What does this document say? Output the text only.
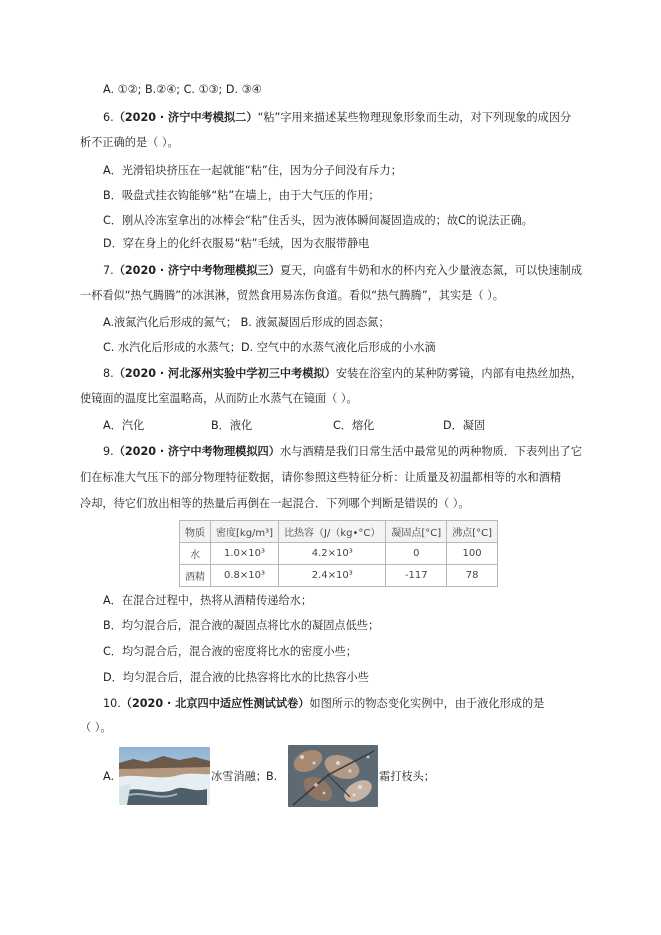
A. ①②; B.②④; C. ①③; D. ③④
6.（2020 · 济宁中考模拟二）“粘”字用来描述某些物理现象形象而生动，对下列现象的成因分
析不正确的是（ ）。
A．光滑铅块挤压在一起就能“粘”住，因为分子间没有斥力；
B．吸盘式挂衣钩能够“粘”在墙上，由于大气压的作用；
C．刚从冷冻室拿出的冰棒会“粘”住舌头，因为液体瞬间凝固造成的；故C的说法正确。
D．穿在身上的化纤衣服易“粘”毛绒，因为衣服带静电
7.（2020 · 济宁中考物理模拟三）夏天，向盛有牛奶和水的杯内充入少量液态氮，可以快速制成
一杯看似“热气腾腾”的冰淇淋，贸然食用易冻伤食道。看似“热气腾腾”，其实是（ ）。
A.液氮汽化后形成的氮气； B. 液氮凝固后形成的固态氮；
C. 水汽化后形成的水蒸气；D. 空气中的水蒸气液化后形成的小水滴
8.（2020 · 河北涿州实验中学初三中考模拟）安装在浴室内的某种防雾镜，内部有电热丝加热，
使镜面的温度比室温略高，从而防止水蒸气在镜面（ ）。
A．汽化	B．液化	C．熔化	D．凝固
9.（2020 · 济宁中考物理模拟四）水与酒精是我们日常生活中最常见的两种物质．下表列出了它
们在标准大气压下的部分物理特征数据，请你参照这些特征分析：让质量及初温都相等的水和酒精
冷却，待它们放出相等的热量后再倒在一起混合．下列哪个判断是错误的（ ）。
物质	密度[kg/m³]	比热容（J/（kg•°C）	凝固点[°C]	沸点[°C]
水	1.0×10³	4.2×10³	0	100
酒精	0.8×10³	2.4×10³	-117	78
A．在混合过程中，热将从酒精传递给水；
B．均匀混合后，混合液的凝固点将比水的凝固点低些；
C．均匀混合后，混合液的密度将比水的密度小些；
D．均匀混合后，混合液的比热容将比水的比热容小些
10.（2020 · 北京四中适应性测试试卷）如图所示的物态变化实例中，由于液化形成的是
（ ）。
A.	冰雪消融； B.	霜打枝头；
